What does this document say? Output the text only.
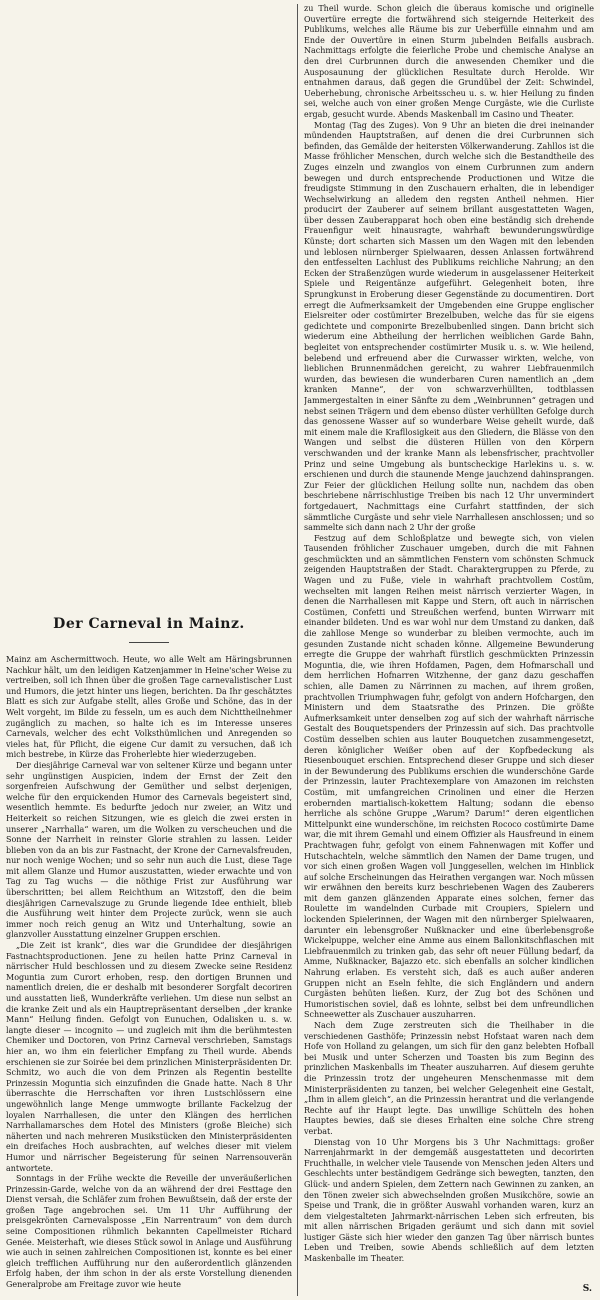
Der Carneval in Mainz.

Mainz am Aschermittwoch. Heute, wo alle Welt am Häringsbrunnen Nachkur hält, um den leidigen Katzenjammer in Heine'scher Weise zu vertreiben, soll ich Ihnen über die großen Tage carnevalistischer Lust und Humors, die jetzt hinter uns liegen, berichten. Da Ihr geschätztes Blatt es sich zur Aufgabe stellt, alles Große und Schöne, das in der Welt vorgeht, im Bilde zu fesseln, um es auch dem Nichttheilnehmer zugänglich zu machen, so halte ich es im Interesse unseres Carnevals, welcher des echt Volksthümlichen und Anregenden so vieles hat, für Pflicht, die eigene Cur damit zu versuchen, daß ich mich bestrebe, in Kürze das Froherlebte hier wiederzugeben.

Der diesjährige Carneval war von seltener Kürze und begann unter sehr ungünstigen Auspicien, indem der Ernst der Zeit den sorgenfreien Aufschwung der Gemüther und selbst derjenigen, welche für den erquickenden Humor des Carnevals begeistert sind, wesentlich hemmte. Es bedurfte jedoch nur zweier, an Witz und Heiterkeit so reichen Sitzungen, wie es gleich die zwei ersten in unserer „Narrhalla“ waren, um die Wolken zu verscheuchen und die Sonne der Narrheit in reinster Glorie strahlen zu lassen. Leider blieben von da an bis zur Fastnacht, der Krone der Carnevalsfreuden, nur noch wenige Wochen; und so sehr nun auch die Lust, diese Tage mit allem Glanze und Humor auszustatten, wieder erwachte und von Tag zu Tag wuchs — die nöthige Frist zur Ausführung war überschritten; bei allem Reichthum an Witzstoff, den die beim diesjährigen Carnevalszuge zu Grunde liegende Idee enthielt, blieb die Ausführung weit hinter dem Projecte zurück, wenn sie auch immer noch reich genug an Witz und Unterhaltung, sowie an glanzvoller Ausstattung einzelner Gruppen erschien.

„Die Zeit ist krank“, dies war die Grundidee der diesjährigen Fastnachtsproductionen. Jene zu heilen hatte Prinz Carneval in närrischer Huld beschlossen und zu diesem Zwecke seine Residenz Moguntia zum Curort erhoben, resp. den dortigen Brunnen und namentlich dreien, die er deshalb mit besonderer Sorgfalt decoriren und ausstatten ließ, Wunderkräfte verliehen. Um diese nun selbst an die kranke Zeit und als ein Hauptrepräsentant derselben „der kranke Mann“ Heilung finden. Gefolgt von Eunuchen, Odalisken u. s. w. langte dieser — incognito — und zugleich mit ihm die berühmtesten Chemiker und Doctoren, von Prinz Carneval verschrieben, Samstags hier an, wo ihm ein feierlicher Empfang zu Theil wurde. Abends erschienen sie zur Soirée bei dem prinzlichen Ministerpräsidenten Dr. Schmitz, wo auch die von dem Prinzen als Regentin bestellte Prinzessin Moguntia sich einzufinden die Gnade hatte. Nach 8 Uhr überraschte die Herrschaften vor ihren Lustschlössern eine ungewöhnlich lange Menge ummwogte brillante Fackelzug der loyalen Narrhallesen, die unter den Klängen des herrlichen Narrhallamarsches dem Hotel des Ministers (große Bleiche) sich näherten und nach mehreren Musikstücken den Ministerpräsidenten ein dreifaches Hoch ausbrachten, auf welches dieser mit vielem Humor und närrischer Begeisterung für seinen Narrensouverän antwortete.

Sonntags in der Frühe weckte die Reveille der unveräußerlichen Prinzessin-Garde, welche von da an während der drei Festtage den Dienst versah, die Schläfer zum frohen Bewußtsein, daß der erste der großen Tage angebrochen sei. Um 11 Uhr Aufführung der preisgekrönten Carnevalsposse „Ein Narrentraum“ von dem durch seine Compositionen rühmlich bekannten Capellmeister Richard Genée. Meisterhaft, wie dieses Stück sowol in Anlage und Ausführung wie auch in seinen zahlreichen Compositionen ist, konnte es bei einer gleich trefflichen Aufführung nur den außerordentlich glänzenden Erfolg haben, der ihm schon in der als erste Vorstellung dienenden Generalprobe am Freitage zuvor wie heute

zu Theil wurde. Schon gleich die überaus komische und originelle Ouvertüre erregte die fortwährend sich steigernde Heiterkeit des Publikums, welches alle Räume bis zur Ueberfülle einnahm und am Ende der Ouvertüre in einen Sturm jubelnden Beifalls ausbrach. Nachmittags erfolgte die feierliche Probe und chemische Analyse an den drei Curbrunnen durch die anwesenden Chemiker und die Ausposaunung der glücklichen Resultate durch Herolde. Wir entnahmen daraus, daß gegen die Grundübel der Zeit: Schwindel, Ueberhebung, chronische Arbeitsscheu u. s. w. hier Heilung zu finden sei, welche auch von einer großen Menge Curgäste, wie die Curliste ergab, gesucht wurde. Abends Maskenball im Casino und Theater.

Montag (Tag des Zuges). Von 9 Uhr an bieten die drei ineinander mündenden Hauptstraßen, auf denen die drei Curbrunnen sich befinden, das Gemälde der heitersten Völkerwanderung. Zahllos ist die Masse fröhlicher Menschen, durch welche sich die Bestandtheile des Zuges einzeln und zwanglos von einem Curbrunnen zum andern bewegen und durch entsprechende Productionen und Witze die freudigste Stimmung in den Zuschauern erhalten, die in lebendiger Wechselwirkung an alledem den regsten Antheil nehmen. Hier producirt der Zauberer auf seinem brillant ausgestatteten Wagen, über dessen Zauberapparat hoch oben eine beständig sich drehende Frauenfigur weit hinausragte, wahrhaft bewunderungswürdige Künste; dort scharten sich Massen um den Wagen mit den lebenden und leblosen nürnberger Spielwaaren, dessen Anlassen fortwährend den entfesselten Lachlust des Publikums reichliche Nahrung; an den Ecken der Straßenzügen wurde wiederum in ausgelassener Heiterkeit Spiele und Reigentänze aufgeführt. Gelegenheit boten, ihre Sprungkunst in Eroberung dieser Gegenstände zu documentiren. Dort erregt die Aufmerksamkeit der Umgebenden eine Gruppe englischer Eielsreiter oder costümirter Brezelbuben, welche das für sie eigens gedichtete und componirte Brezelbubenlied singen. Dann bricht sich wiederum eine Abtheilung der herrlichen weiblichen Garde Bahn, begleitet von entsprechender costümirter Musik u. s. w. Wie heilend, belebend und erfreuend aber die Curwasser wirkten, welche, von lieblichen Brunnenmädchen gereicht, zu wahrer Liebfrauenmilch wurden, das bewiesen die wunderbaren Curen namentlich an „dem kranken Manne“, der von schwarzverhüllten, todtblassen Jammergestalten in einer Sänfte zu dem „Weinbrunnen“ getragen und nebst seinen Trägern und dem ebenso düster verhüllten Gefolge durch das genossene Wasser auf so wunderbare Weise geheilt wurde, daß mit einem male die Krafllosigkeit aus den Gliedern, die Blässe von den Wangen und selbst die düsteren Hüllen von den Körpern verschwanden und der kranke Mann als lebensfrischer, prachtvoller Prinz und seine Umgebung als buntscheckige Harlekins u. s. w. erschienen und durch die staunende Menge jauchzend dahinsprangen. Zur Feier der glücklichen Heilung sollte nun, nachdem das oben beschriebene närrischlustige Treiben bis nach 12 Uhr unvermindert fortgedauert, Nachmittags eine Curfahrt stattfinden, der sich sämmtliche Curgäste und sehr viele Narrhallesen anschlossen; und so sammelte sich dann nach 2 Uhr der große

Festzug auf dem Schloßplatze und bewegte sich, von vielen Tausenden fröhlicher Zuschauer umgeben, durch die mit Fahnen geschmückten und an sämmtlichen Fenstern vom schönsten Schmuck zeigenden Hauptstraßen der Stadt. Charaktergruppen zu Pferde, zu Wagen und zu Fuße, viele in wahrhaft prachtvollem Costüm, wechselten mit langen Reihen meist närrisch verzierter Wagen, in denen die Narrhallesen mit Kappe und Stern, oft auch in närrischen Costümen, Confetti und Streußchen werfend, bunten Wirrwarr mit einander bildeten. Und es war wohl nur dem Umstand zu danken, daß die zahllose Menge so wunderbar zu bleiben vermochte, auch im gesunden Zustande nicht schaden könne. Allgemeine Bewunderung erregte die Gruppe der wahrhaft fürstlich geschmückten Prinzessin Moguntia, die, wie ihren Hofdamen, Pagen, dem Hofmarschall und dem herrlichen Hofnarren Witzhenne, der ganz dazu geschaffen schien, alle Damen zu Närrinnen zu machen, auf ihrem großen, prachtvollen Triumphwagen fuhr, gefolgt von andern Hofchargen, den Ministern und dem Staatsrathe des Prinzen. Die größte Aufmerksamkeit unter denselben zog auf sich der wahrhaft närrische Gestalt des Bouquetspenders der Prinzessin auf sich. Das prachtvolle Costüm desselben schien aus lauter Bouquetchen zusammengesetzt, deren königlicher Weißer oben auf der Kopfbedeckung als Riesenbouquet erschien. Entsprechend dieser Gruppe und sich dieser in der Bewunderung des Publikums erschien die wunderschöne Garde der Prinzessin, lauter Prachtexemplare von Amazonen im reichsten Costüm, mit umfangreichen Crinolinen und einer die Herzen erobernden martialisch-kokettem Haltung; sodann die ebenso herrliche als schöne Gruppe „Warum? Darum!“ deren eigentlichen Mittelpunkt eine wunderschöne, im reichsten Rococo costümirte Dame war, die mit ihrem Gemahl und einem Offizier als Hausfreund in einem Prachtwagen fuhr, gefolgt von einem Fahnenwagen mit Koffer und Hutschachteln, welche sämmtlich den Namen der Dame trugen, und vor sich einen großen Wagen voll Junggesellen, welchen im Hinblick auf solche Erscheinungen das Heirathen vergangen war. Noch müssen wir erwähnen den bereits kurz beschriebenen Wagen des Zauberers mit dem ganzen glänzenden Apparate eines solchen, ferner das Roulette im wandelnden Curbade mit Croupiers, Spielern und lockenden Spielerinnen, der Wagen mit den nürnberger Spielwaaren, darunter ein lebensgroßer Nußknacker und eine überlebensgroße Wickelpuppe, welcher eine Amme aus einem Ballonkitschflaschen mit Liebfrauenmilch zu trinken gab, das sehr oft neuer Füllung bedarf, da Amme, Nußknacker, Bajazzo etc. sich ebenfalls an solcher kindlichen Nahrung erlaben. Es versteht sich, daß es auch außer anderen Gruppen nicht an Eseln fehlte, die sich Engländern und andern Curgästen behüten ließen. Kurz, der Zug bot des Schönen und Humoristischen soviel, daß es lohnte, selbst bei dem unfreundlichen Schneewetter als Zuschauer auszuharren.

Nach dem Zuge zerstreuten sich die Theilhaber in die verschiedenen Gasthöfe; Prinzessin nebst Hofstaat waren nach dem Hofe von Holland zu gelangen, um sich für den ganz belebten Hofball bei Musik und unter Scherzen und Toasten bis zum Beginn des prinzlichen Maskenballs im Theater auszuharren. Auf diesem geruhte die Prinzessin trotz der ungeheuren Menschenmasse mit dem Ministerpräsidenten zu tanzen, bei welcher Gelegenheit eine Gestalt, „Ihm in allem gleich“, an die Prinzessin herantrat und die verlangende Rechte auf ihr Haupt legte. Das unwillige Schütteln des hohen Hauptes bewies, daß sie dieses Erhalten eine solche Chre streng verbat.

Dienstag von 10 Uhr Morgens bis 3 Uhr Nachmittags: großer Narrenjahrmarkt in der demgemäß ausgestatteten und decorirten Fruchthalle, in welcher viele Tausende von Menschen jeden Alters und Geschlechts unter beständigem Gedränge sich bewegten, tanzten, den Glück- und andern Spielen, dem Zettern nach Gewinnen zu zanken, an den Tönen zweier sich abwechselnden großen Musikchöre, sowie an Speise und Trank, die in größter Auswahl vorhanden waren, kurz an dem vielgestalteten Jahrmarkt-närrischen Leben sich erfreuten, bis mit allen närrischen Brigaden geräumt und sich dann mit soviel lustiger Gäste sich hier wieder den ganzen Tag über närrisch buntes Leben und Treiben, sowie Abends schließlich auf dem letzten Maskenballe im Theater.

S.
